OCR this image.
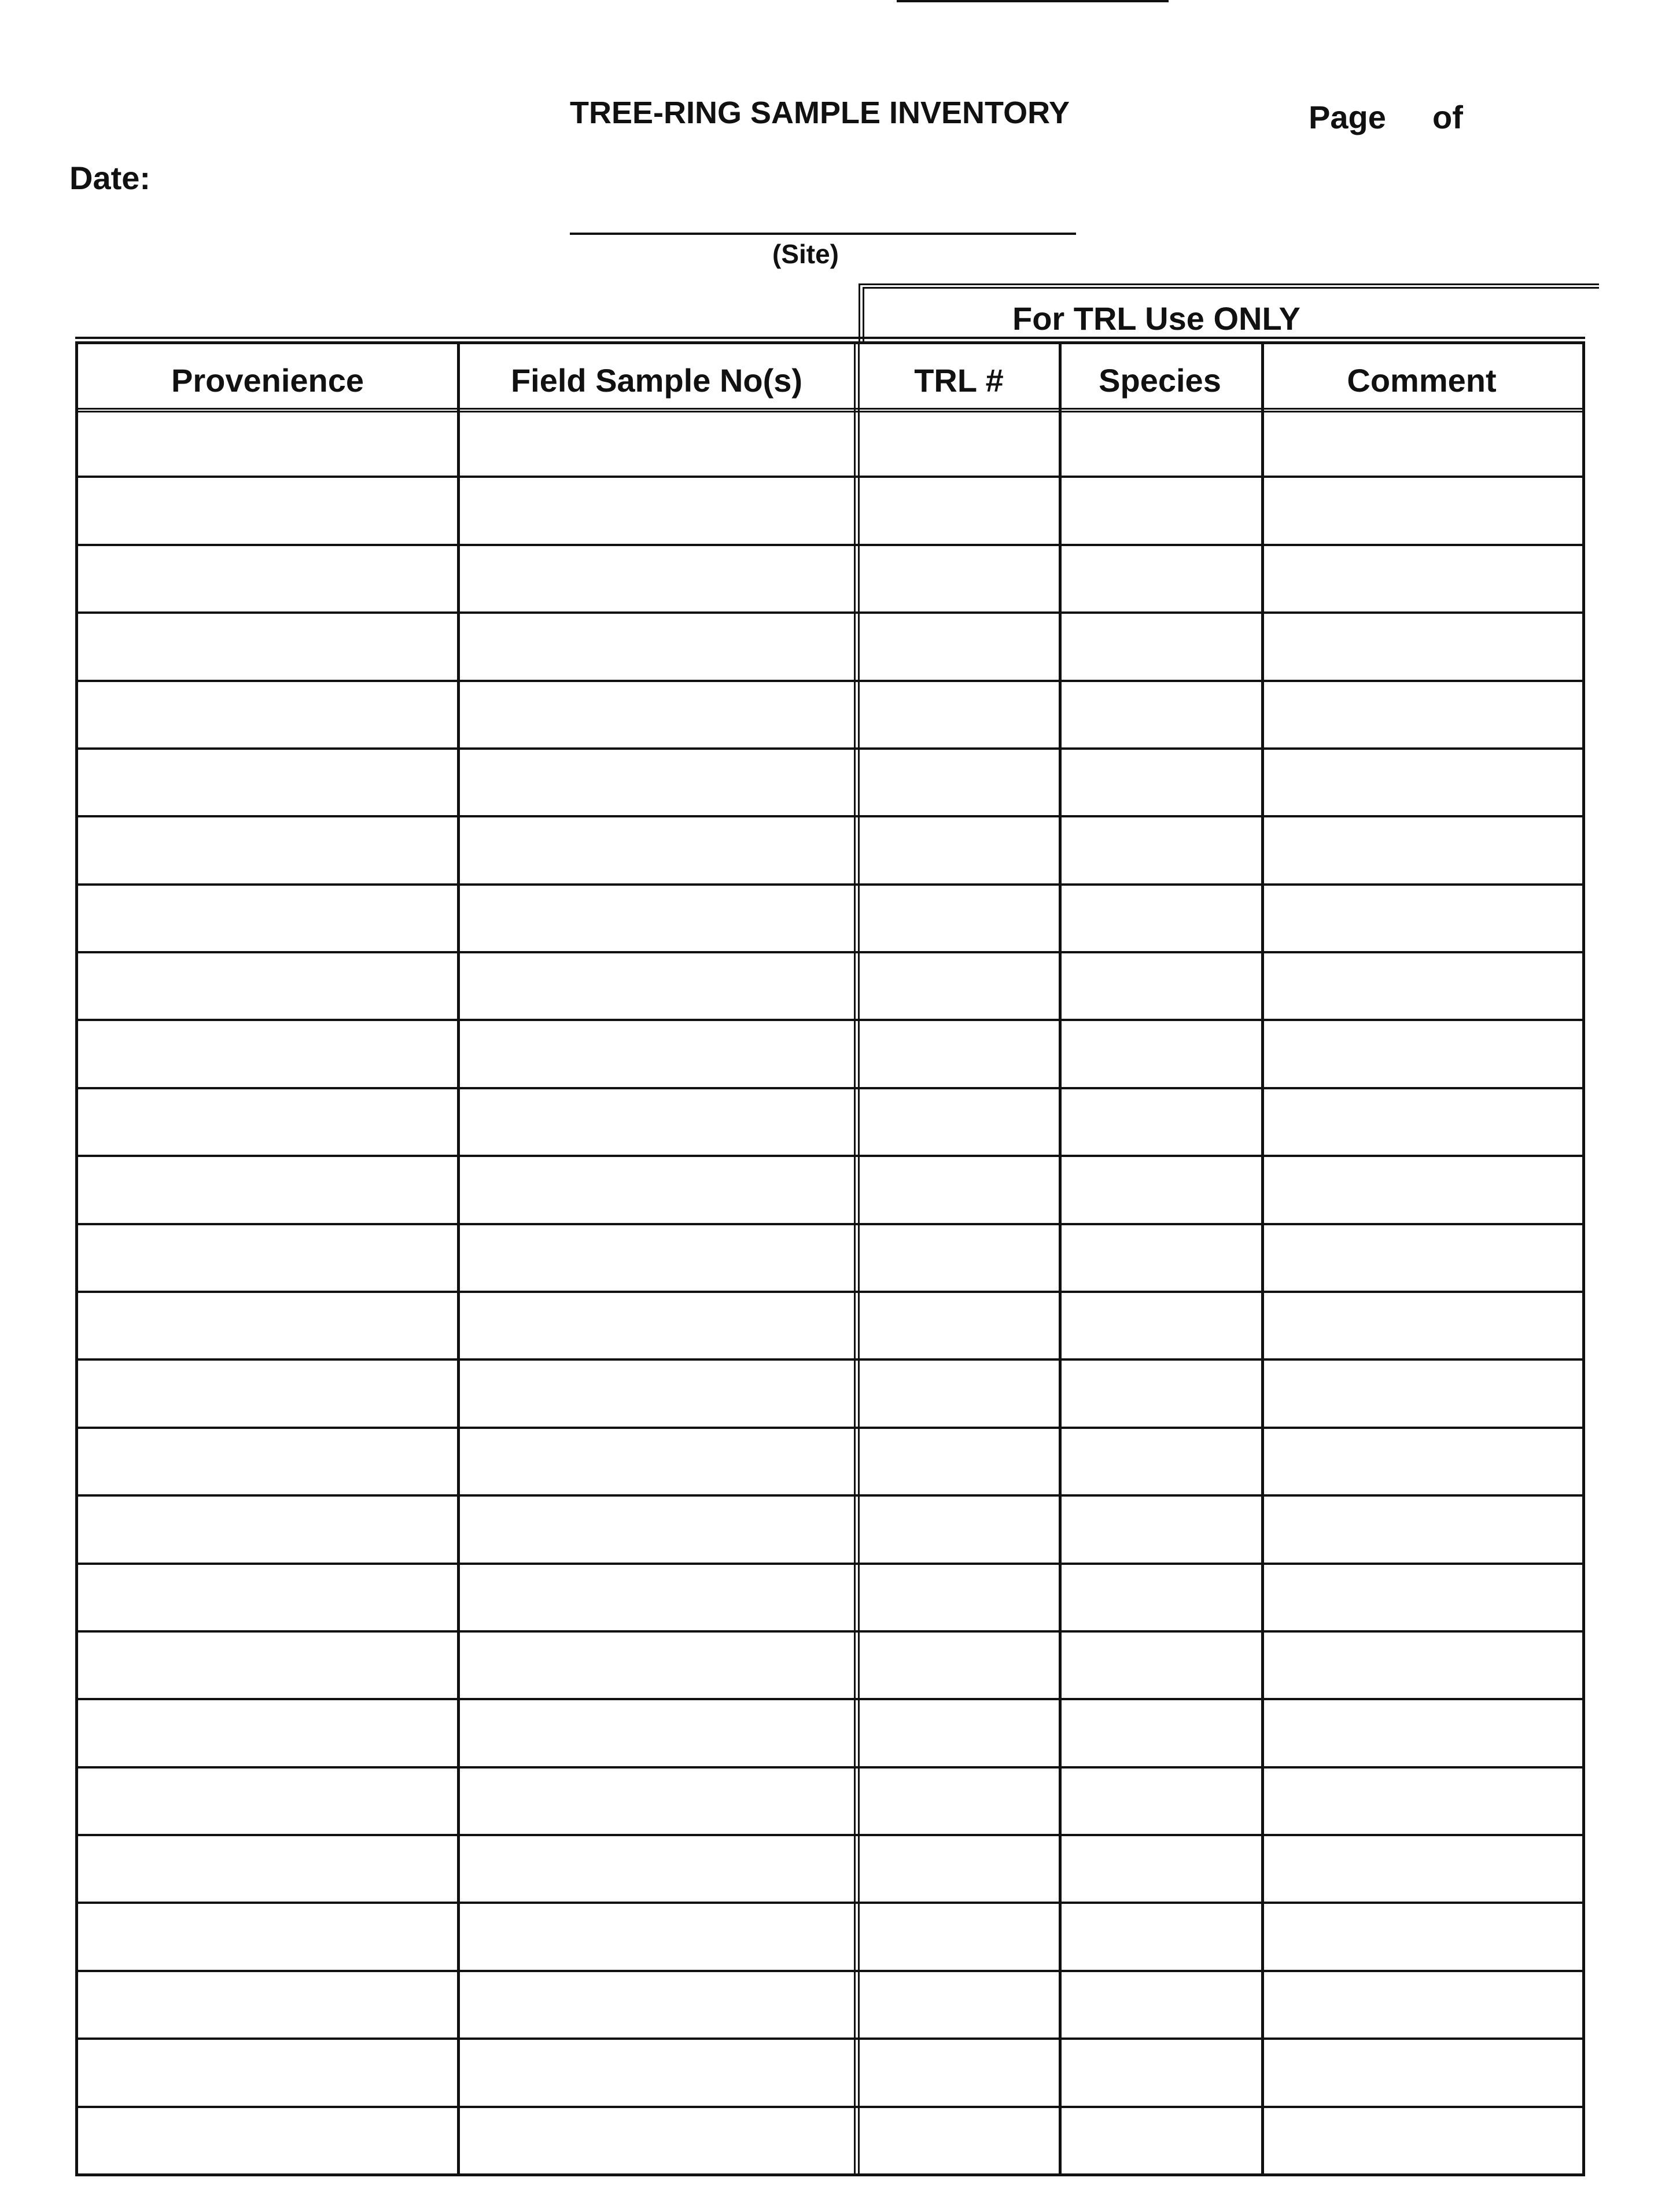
TREE-RING SAMPLE INVENTORY	Page of
Date:
(Site)
For TRL Use ONLY
Provenience	Field Sample No(s)	TRL #	Species	Comment
